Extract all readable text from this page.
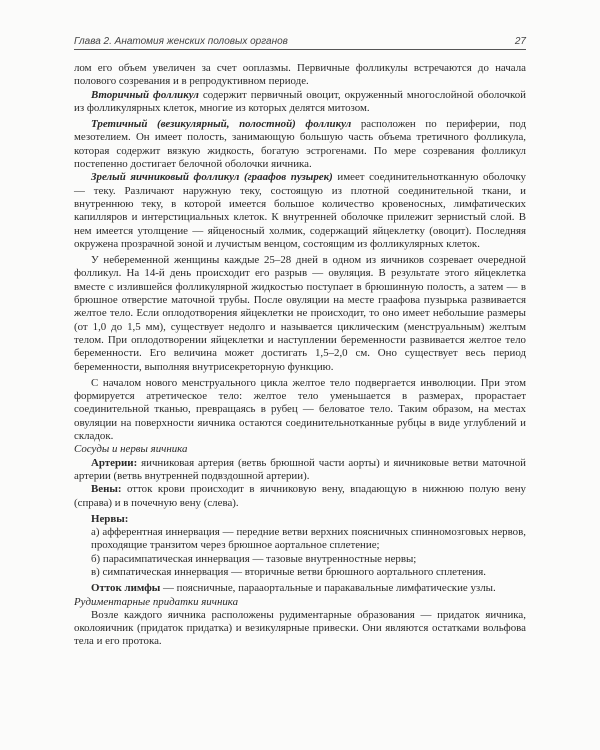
Глава 2. Анатомия женских половых органов	27

лом его объем увеличен за счет ооплазмы. Первичные фолликулы встречаются до начала полового созревания и в репродуктивном периоде.

Вторичный фолликул содержит первичный овоцит, окруженный многослойной оболочкой из фолликулярных клеток, многие из которых делятся митозом.

Третичный (везикулярный, полостной) фолликул расположен по периферии, под мезотелием. Он имеет полость, занимающую большую часть объема третичного фолликула, которая содержит вязкую жидкость, богатую эстрогенами. По мере созревания фолликул постепенно достигает белочной оболочки яичника.

Зрелый яичниковый фолликул (граафов пузырек) имеет соединительнотканную оболочку — теку. Различают наружную теку, состоящую из плотной соединительной ткани, и внутреннюю теку, в которой имеется большое количество кровеносных, лимфатических капилляров и интерстициальных клеток. К внутренней оболочке прилежит зернистый слой. В нем имеется утолщение — яйценосный холмик, содержащий яйцеклетку (овоцит). Последняя окружена прозрачной зоной и лучистым венцом, состоящим из фолликулярных клеток.

У небеременной женщины каждые 25–28 дней в одном из яичников созревает очередной фолликул. На 14-й день происходит его разрыв — овуляция. В результате этого яйцеклетка вместе с излившейся фолликулярной жидкостью поступает в брюшинную полость, а затем — в брюшное отверстие маточной трубы. После овуляции на месте граафова пузырька развивается желтое тело. Если оплодотворения яйцеклетки не происходит, то оно имеет небольшие размеры (от 1,0 до 1,5 мм), существует недолго и называется циклическим (менструальным) желтым телом. При оплодотворении яйцеклетки и наступлении беременности развивается желтое тело беременности. Его величина может достигать 1,5–2,0 см. Оно существует весь период беременности, выполняя внутрисекреторную функцию.

С началом нового менструального цикла желтое тело подвергается инволюции. При этом формируется атретическое тело: желтое тело уменьшается в размерах, прорастает соединительной тканью, превращаясь в рубец — беловатое тело. Таким образом, на местах овуляции на поверхности яичника остаются соединительнотканные рубцы в виде углублений и складок.

Сосуды и нервы яичника

Артерии: яичниковая артерия (ветвь брюшной части аорты) и яичниковые ветви маточной артерии (ветвь внутренней подвздошной артерии).

Вены: отток крови происходит в яичниковую вену, впадающую в нижнюю полую вену (справа) и в почечную вену (слева).

Нервы:

а) афферентная иннервация — передние ветви верхних поясничных спинномозговых нервов, проходящие транзитом через брюшное аортальное сплетение;

б) парасимпатическая иннервация — тазовые внутренностные нервы;

в) симпатическая иннервация — вторичные ветви брюшного аортального сплетения.

Отток лимфы — поясничные, парааортальные и паракавальные лимфатические узлы.

Рудиментарные придатки яичника

Возле каждого яичника расположены рудиментарные образования — придаток яичника, околояичник (придаток придатка) и везикулярные привески. Они являются остатками вольфова тела и его протока.
